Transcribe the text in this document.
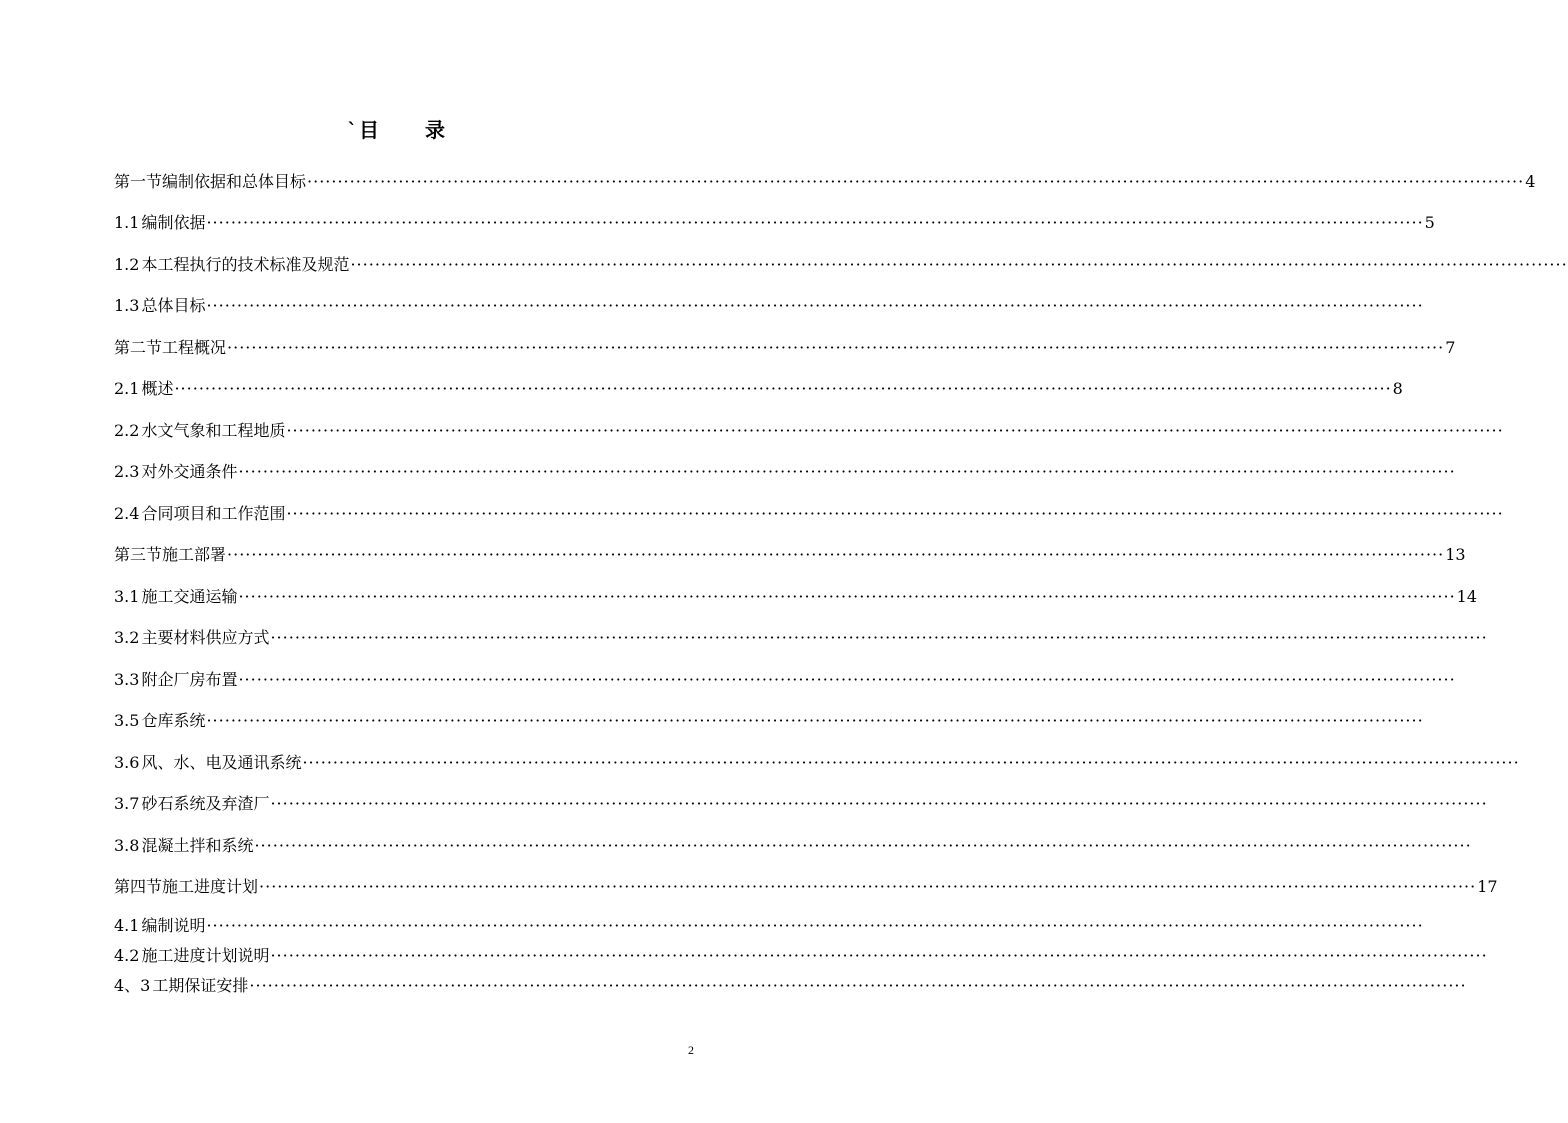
`目　　录
第一节 编制依据和总体目标 ········································································································································································································ 4
1.1 编制依据 ········································································································································································································ 5
1.2 本工程执行的技术标准及规范 ········································································································································································································
1.3 总体目标 ········································································································································································································
第二节 工程概况 ········································································································································································································ 7
2.1 概述 ········································································································································································································ 8
2.2 水文气象和工程地质 ········································································································································································································
2.3 对外交通条件 ········································································································································································································
2.4 合同项目和工作范围 ········································································································································································································
第三节 施工部署 ········································································································································································································ 13
3.1 施工交通运输 ········································································································································································································ 14
3.2 主要材料供应方式 ········································································································································································································
3.3 附企厂房布置 ········································································································································································································
3.5 仓库系统 ········································································································································································································
3.6 风、水、电及通讯系统 ········································································································································································································
3.7 砂石系统及弃渣厂 ········································································································································································································
3.8 混凝土拌和系统 ········································································································································································································
第四节 施工进度计划 ········································································································································································································ 17
4.1 编制说明 ········································································································································································································
4.2 施工进度计划说明 ········································································································································································································
4、3 工期保证安排 ········································································································································································································
2
